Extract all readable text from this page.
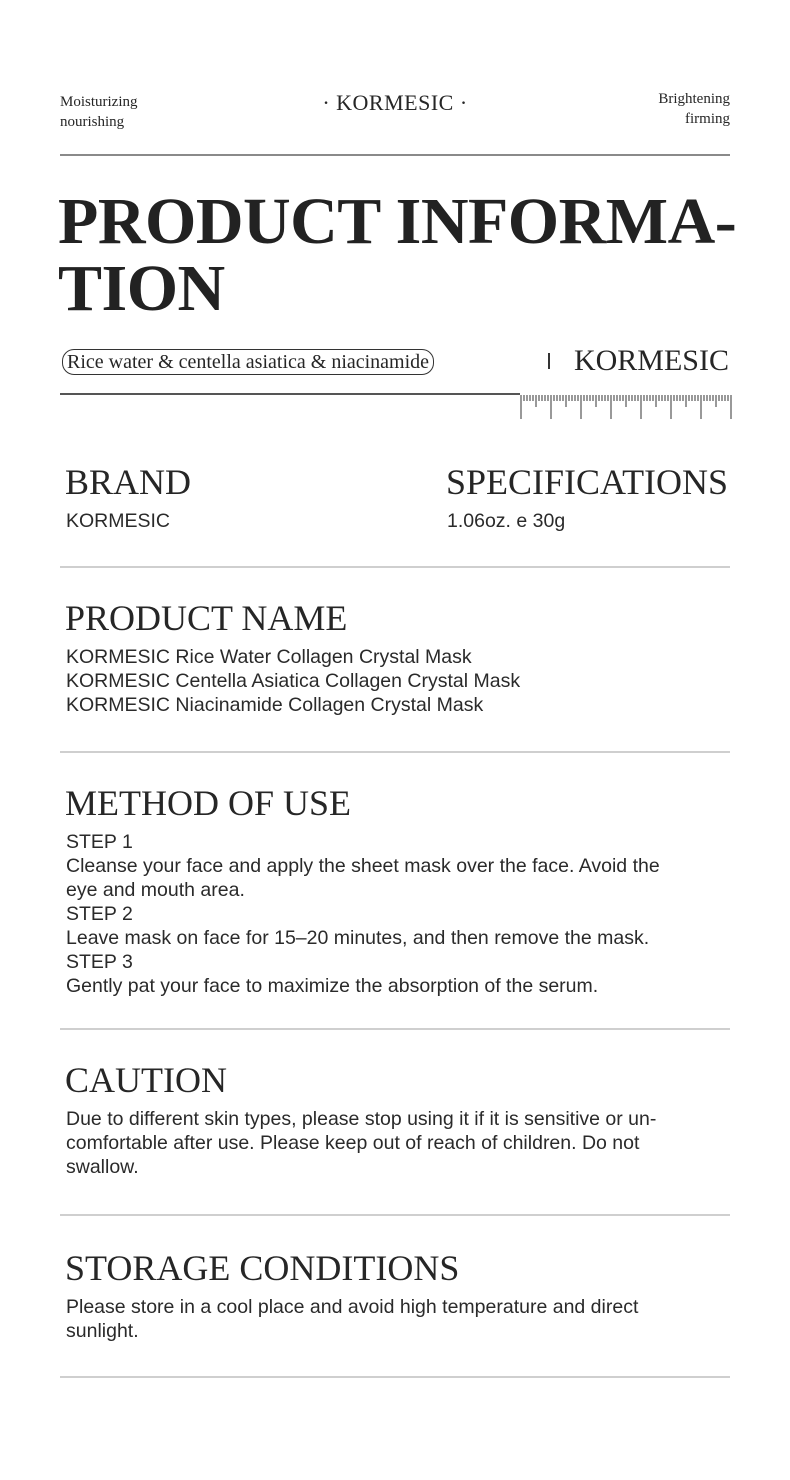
Moisturizing
nourishing
· KORMESIC ·	Brightening
firming
PRODUCT INFORMA-
TION
Rice water & centella asiatica & niacinamide	KORMESIC
BRAND
KORMESIC
SPECIFICATIONS
1.06oz. e 30g
PRODUCT NAME
KORMESIC Rice Water Collagen Crystal Mask
KORMESIC Centella Asiatica Collagen Crystal Mask
KORMESIC Niacinamide Collagen Crystal Mask
METHOD OF USE
STEP 1
Cleanse your face and apply the sheet mask over the face. Avoid the
eye and mouth area.
STEP 2
Leave mask on face for 15–20 minutes, and then remove the mask.
STEP 3
Gently pat your face to maximize the absorption of the serum.
CAUTION
Due to different skin types, please stop using it if it is sensitive or un-
comfortable after use. Please keep out of reach of children. Do not
swallow.
STORAGE CONDITIONS
Please store in a cool place and avoid high temperature and direct
sunlight.
